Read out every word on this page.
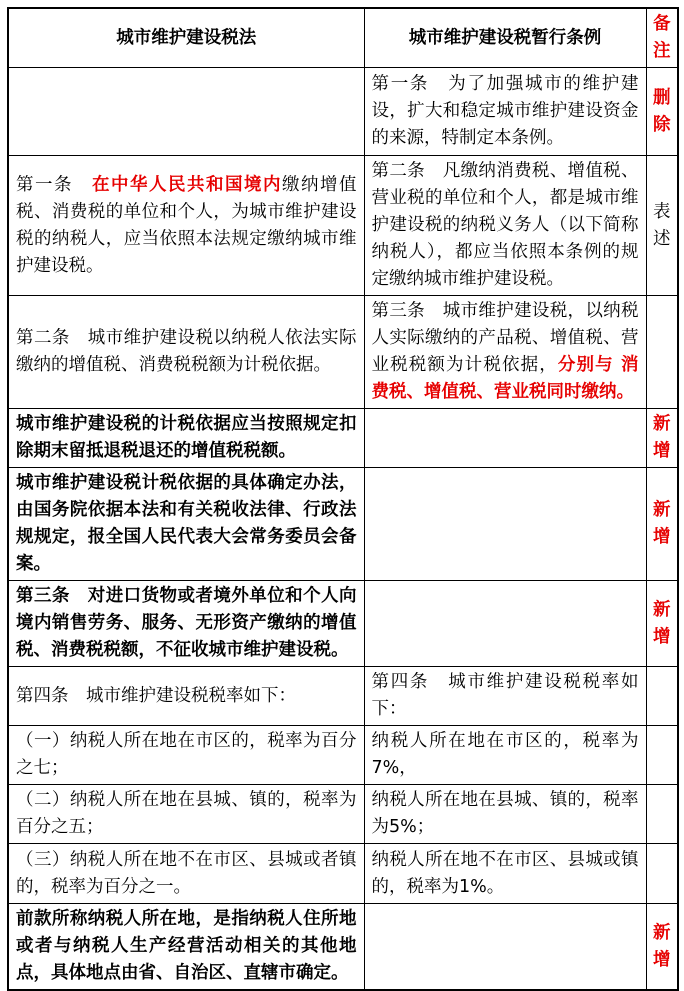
城市维护建设税法	城市维护建设税暂行条例	备注
	第一条　为了加强城市的维护建设，扩大和稳定城市维护建设资金的来源，特制定本条例。	删除
第一条　在中华人民共和国境内缴纳增值税、消费税的单位和个人，为城市维护建设税的纳税人，应当依照本法规定缴纳城市维护建设税。	第二条　凡缴纳消费税、增值税、营业税的单位和个人，都是城市维护建设税的纳税义务人（以下简称纳税人），都应当依照本条例的规定缴纳城市维护建设税。	表述
第二条　城市维护建设税以纳税人依法实际缴纳的增值税、消费税税额为计税依据。	第三条　城市维护建设税，以纳税人实际缴纳的产品税、增值税、营业税税额为计税依据，分别与 消费税、增值税、营业税同时缴纳。	
城市维护建设税的计税依据应当按照规定扣除期末留抵退税退还的增值税税额。		新增
城市维护建设税计税依据的具体确定办法，由国务院依据本法和有关税收法律、行政法规规定，报全国人民代表大会常务委员会备案。		新增
第三条　对进口货物或者境外单位和个人向境内销售劳务、服务、无形资产缴纳的增值税、消费税税额，不征收城市维护建设税。		新增
第四条　城市维护建设税税率如下：	第四条　城市维护建设税税率如下：	
（一）纳税人所在地在市区的，税率为百分之七；	纳税人所在地在市区的，税率为7%，	
（二）纳税人所在地在县城、镇的，税率为百分之五；	纳税人所在地在县城、镇的，税率为5%；	
（三）纳税人所在地不在市区、县城或者镇的，税率为百分之一。	纳税人所在地不在市区、县城或镇的，税率为1%。	
前款所称纳税人所在地，是指纳税人住所地或者与纳税人生产经营活动相关的其他地点，具体地点由省、自治区、直辖市确定。		新增
